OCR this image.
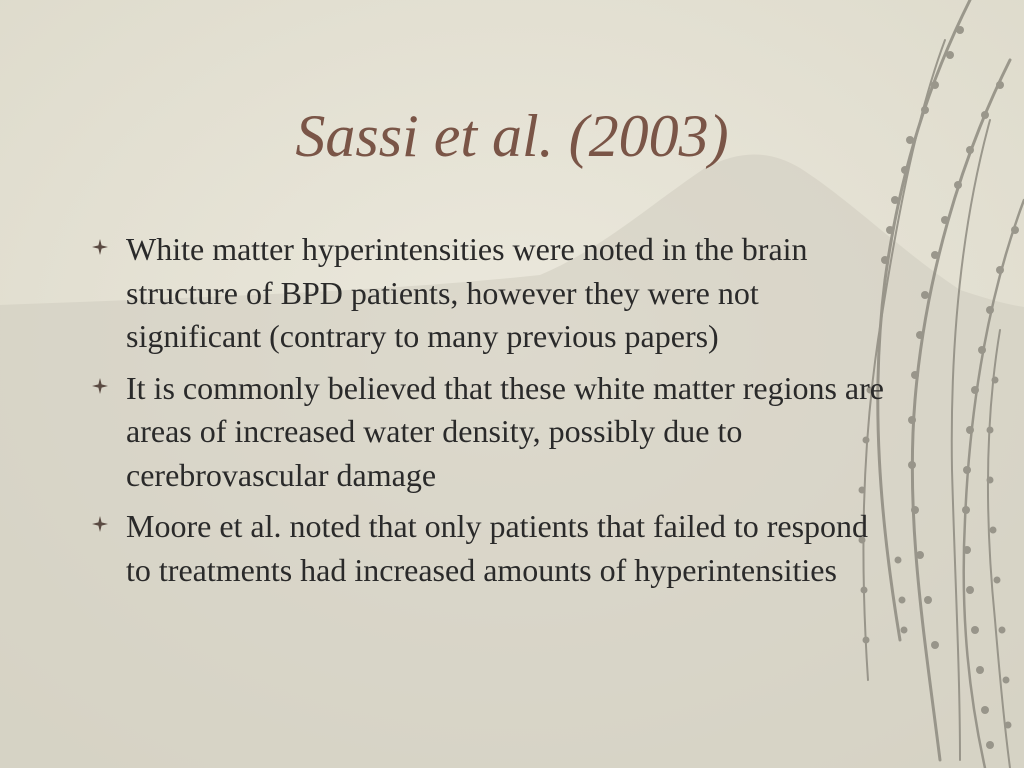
Sassi et al. (2003)
White matter hyperintensities were noted in the brain structure of BPD patients, however they were not significant (contrary to many previous papers)
It is commonly believed that these white matter regions are areas of increased water density, possibly due to cerebrovascular damage
Moore et al. noted that only patients that failed to respond to treatments had increased amounts of hyperintensities
